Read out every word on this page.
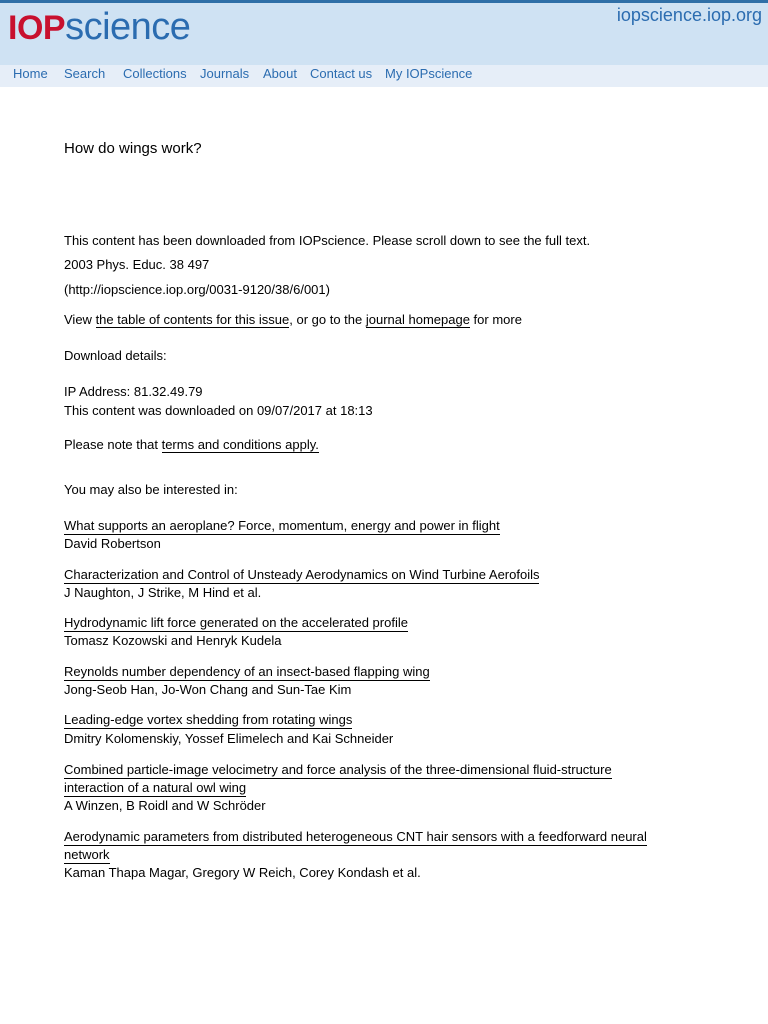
IOPscience	iopscience.iop.org
Home Search Collections Journals About Contact us My IOPscience
How do wings work?
This content has been downloaded from IOPscience. Please scroll down to see the full text.
2003 Phys. Educ. 38 497
(http://iopscience.iop.org/0031-9120/38/6/001)
View the table of contents for this issue, or go to the journal homepage for more
Download details:
IP Address: 81.32.49.79
This content was downloaded on 09/07/2017 at 18:13
Please note that terms and conditions apply.
You may also be interested in:
What supports an aeroplane? Force, momentum, energy and power in flight
David Robertson
Characterization and Control of Unsteady Aerodynamics on Wind Turbine Aerofoils
J Naughton, J Strike, M Hind et al.
Hydrodynamic lift force generated on the accelerated profile
Tomasz Kozowski and Henryk Kudela
Reynolds number dependency of an insect-based flapping wing
Jong-Seob Han, Jo-Won Chang and Sun-Tae Kim
Leading-edge vortex shedding from rotating wings
Dmitry Kolomenskiy, Yossef Elimelech and Kai Schneider
Combined particle-image velocimetry and force analysis of the three-dimensional fluid-structure interaction of a natural owl wing
A Winzen, B Roidl and W Schröder
Aerodynamic parameters from distributed heterogeneous CNT hair sensors with a feedforward neural network
Kaman Thapa Magar, Gregory W Reich, Corey Kondash et al.
